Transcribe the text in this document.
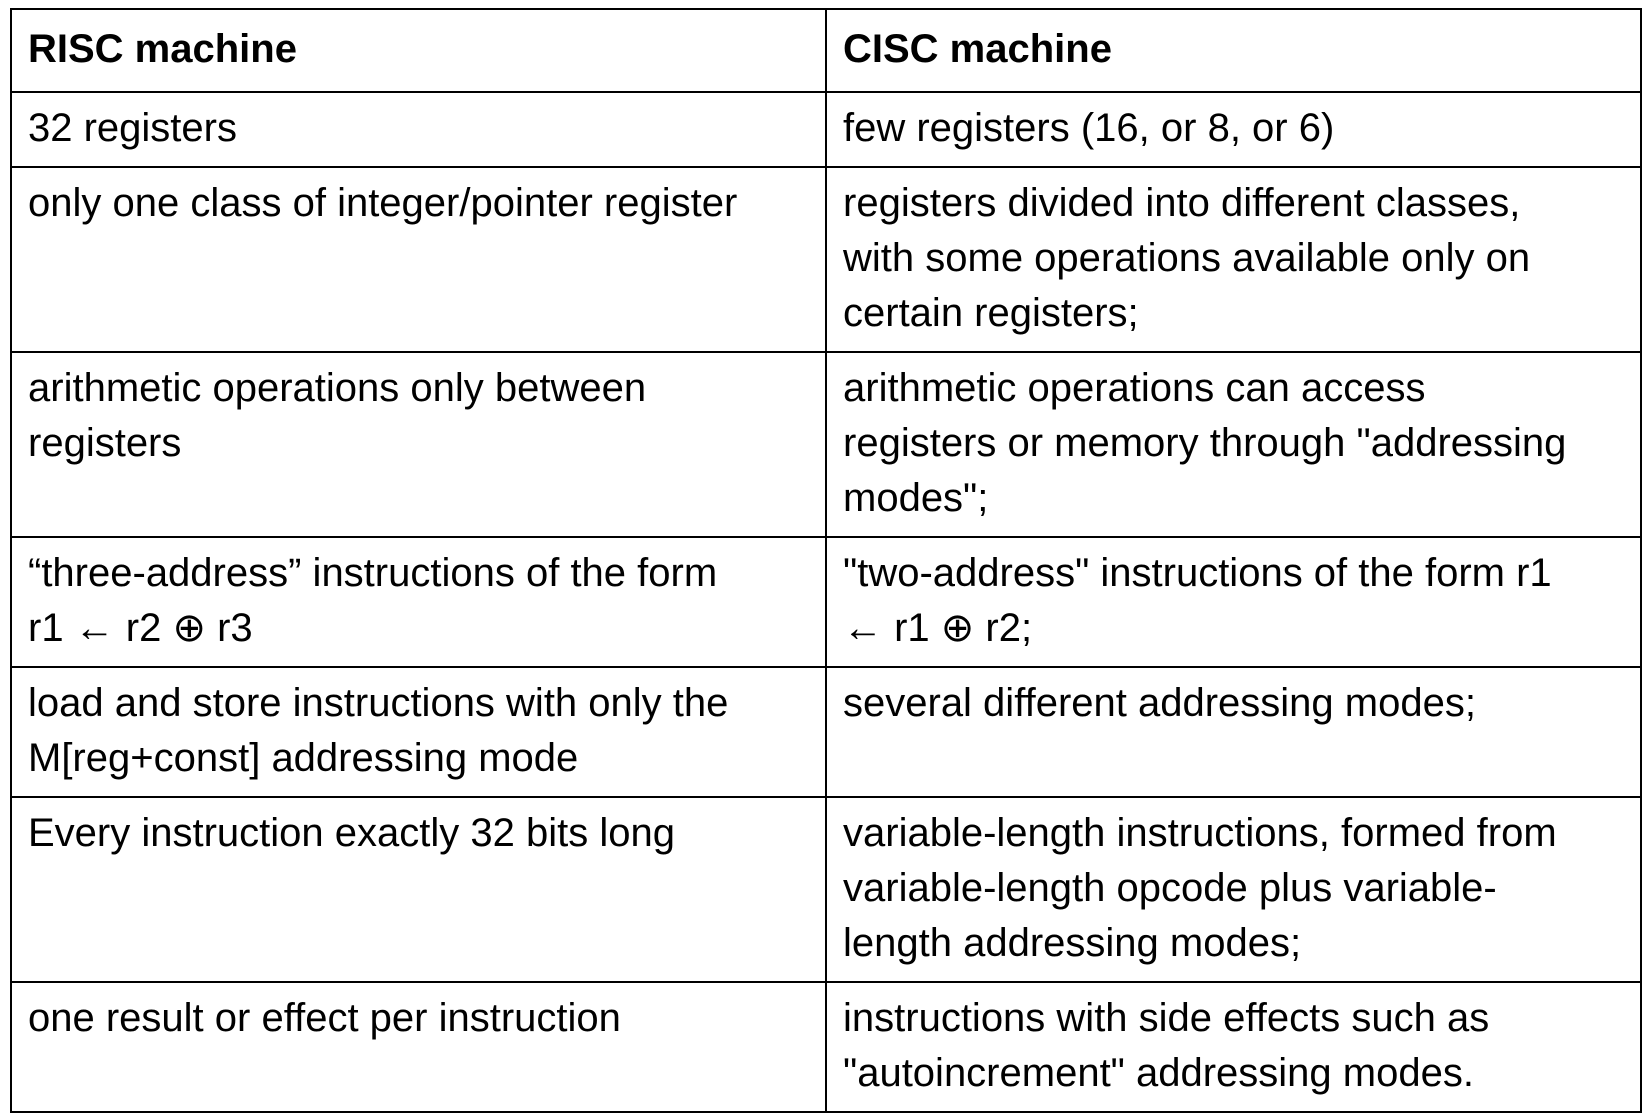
RISC machine	CISC machine

32 registers	few registers (16, or 8, or 6)

only one class of integer/pointer register	registers divided into different classes,
with some operations available only on
certain registers;

arithmetic operations only between
registers	arithmetic operations can access
registers or memory through "addressing
modes";

“three-address” instructions of the form
r1 ← r2 ⊕ r3	"two-address" instructions of the form r1
← r1 ⊕ r2;

load and store instructions with only the
M[reg+const] addressing mode	several different addressing modes;

Every instruction exactly 32 bits long	variable-length instructions, formed from
variable-length opcode plus variable-
length addressing modes;

one result or effect per instruction	instructions with side effects such as
"autoincrement" addressing modes.
